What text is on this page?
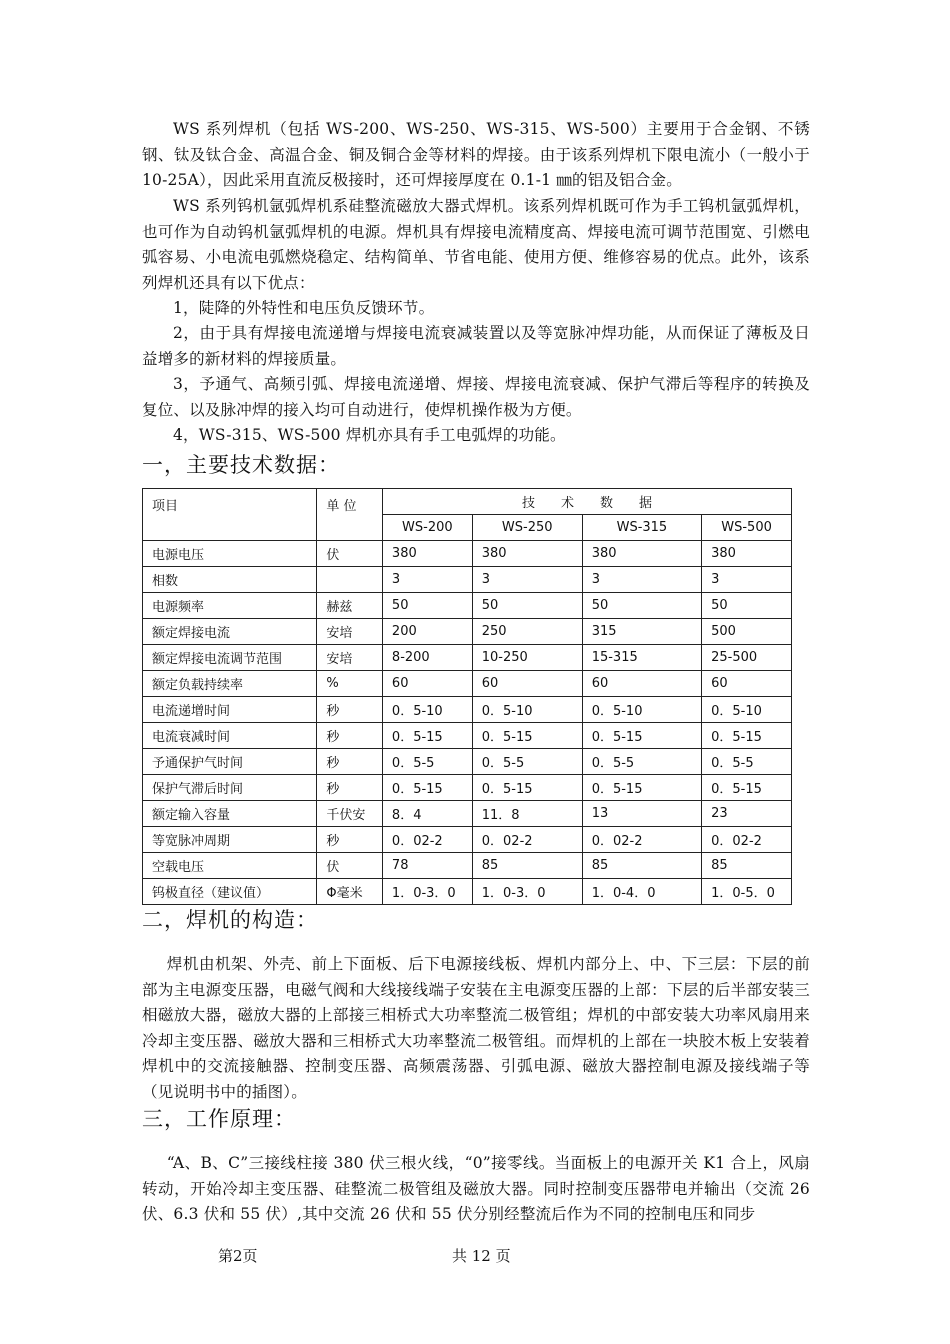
WS 系列焊机（包括 WS-200、WS-250、WS-315、WS-500）主要用于合金钢、不锈钢、钛及钛合金、高温合金、铜及铜合金等材料的焊接。由于该系列焊机下限电流小（一般小于 10-25A），因此采用直流反极接时，还可焊接厚度在 0.1-1 ㎜的铝及铝合金。

WS 系列钨机氩弧焊机系硅整流磁放大器式焊机。该系列焊机既可作为手工钨机氩弧焊机，也可作为自动钨机氩弧焊机的电源。焊机具有焊接电流精度高、焊接电流可调节范围宽、引燃电弧容易、小电流电弧燃烧稳定、结构简单、节省电能、使用方便、维修容易的优点。此外，该系列焊机还具有以下优点：

1，陡降的外特性和电压负反馈环节。

2，由于具有焊接电流递增与焊接电流衰减装置以及等宽脉冲焊功能，从而保证了薄板及日益增多的新材料的焊接质量。

3，予通气、高频引弧、焊接电流递增、焊接、焊接电流衰减、保护气滞后等程序的转换及复位、以及脉冲焊的接入均可自动进行，使焊机操作极为方便。

4，WS-315、WS-500 焊机亦具有手工电弧焊的功能。

一，主要技术数据：
项目	单 位	技　　术　　数　　据			
		WS-200	WS-250	WS-315	WS-500
电源电压	伏	380	380	380	380
相数		3	3	3	3
电源频率	赫兹	50	50	50	50
额定焊接电流	安培	200	250	315	500
额定焊接电流调节范围	安培	8-200	10-250	15-315	25-500
额定负载持续率	%	60	60	60	60
电流递增时间	秒	0．5-10	0．5-10	0．5-10	0．5-10
电流衰减时间	秒	0．5-15	0．5-15	0．5-15	0．5-15
予通保护气时间	秒	0．5-5	0．5-5	0．5-5	0．5-5
保护气滞后时间	秒	0．5-15	0．5-15	0．5-15	0．5-15
额定输入容量	千伏安	8．4	11．8	13	23
等宽脉冲周期	秒	0．02-2	0．02-2	0．02-2	0．02-2
空载电压	伏	78	85	85	85
钨极直径（建议值）	Φ毫米	1．0-3．0	1．0-3．0	1．0-4．0	1．0-5．0
二，焊机的构造：

焊机由机架、外壳、前上下面板、后下电源接线板、焊机内部分上、中、下三层：下层的前部为主电源变压器，电磁气阀和大线接线端子安装在主电源变压器的上部：下层的后半部安装三相磁放大器，磁放大器的上部接三相桥式大功率整流二极管组；焊机的中部安装大功率风扇用来冷却主变压器、磁放大器和三相桥式大功率整流二极管组。而焊机的上部在一块胶木板上安装着焊机中的交流接触器、控制变压器、高频震荡器、引弧电源、磁放大器控制电源及接线端子等（见说明书中的插图）。

三，工作原理：

“A、B、C”三接线柱接 380 伏三根火线，“0”接零线。当面板上的电源开关 K1 合上，风扇转动，开始冷却主变压器、硅整流二极管组及磁放大器。同时控制变压器带电并输出（交流 26 伏、6.3 伏和 55 伏）,其中交流 26 伏和 55 伏分别经整流后作为不同的控制电压和同步

第2页	共 12 页
